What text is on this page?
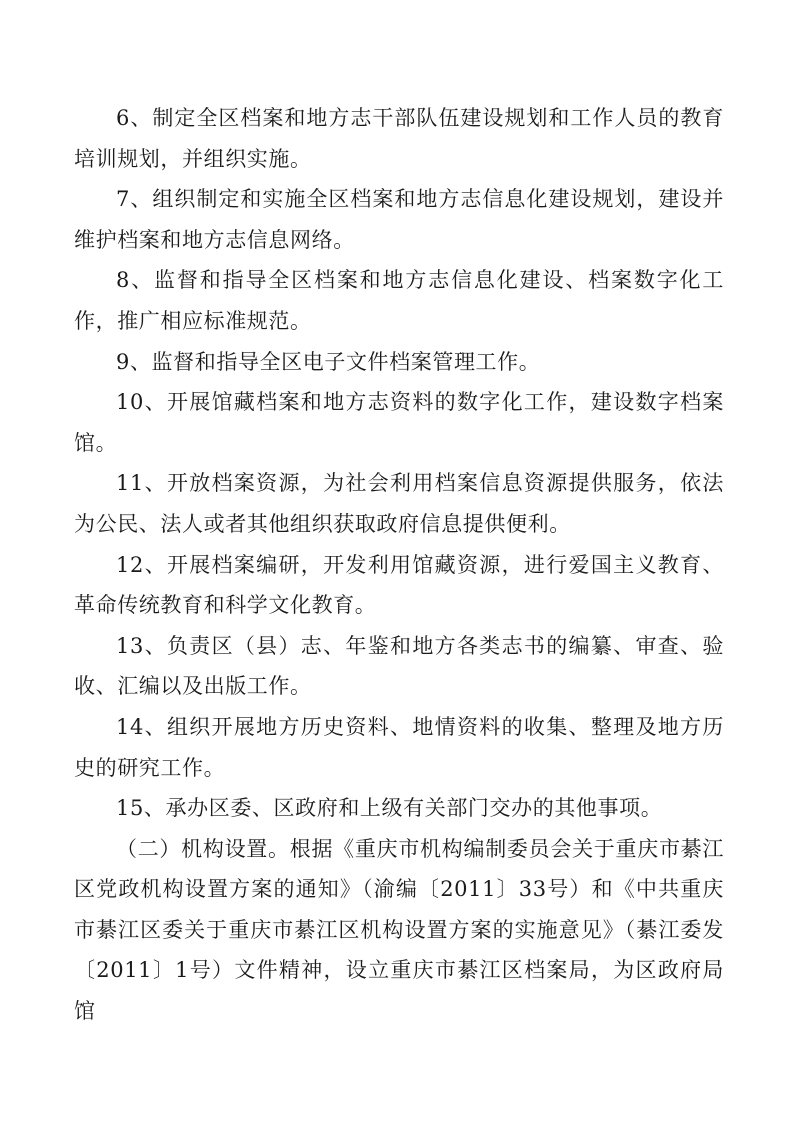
6、制定全区档案和地方志干部队伍建设规划和工作人员的教育培训规划，并组织实施。

7、组织制定和实施全区档案和地方志信息化建设规划，建设并维护档案和地方志信息网络。

8、监督和指导全区档案和地方志信息化建设、档案数字化工作，推广相应标准规范。

9、监督和指导全区电子文件档案管理工作。

10、开展馆藏档案和地方志资料的数字化工作，建设数字档案馆。

11、开放档案资源，为社会利用档案信息资源提供服务，依法为公民、法人或者其他组织获取政府信息提供便利。

12、开展档案编研，开发利用馆藏资源，进行爱国主义教育、革命传统教育和科学文化教育。

13、负责区（县）志、年鉴和地方各类志书的编纂、审查、验收、汇编以及出版工作。

14、组织开展地方历史资料、地情资料的收集、整理及地方历史的研究工作。

15、承办区委、区政府和上级有关部门交办的其他事项。

（二）机构设置。根据《重庆市机构编制委员会关于重庆市綦江区党政机构设置方案的通知》（渝编〔2011〕33号）和《中共重庆市綦江区委关于重庆市綦江区机构设置方案的实施意见》（綦江委发〔2011〕1号）文件精神，设立重庆市綦江区档案局，为区政府局馆
